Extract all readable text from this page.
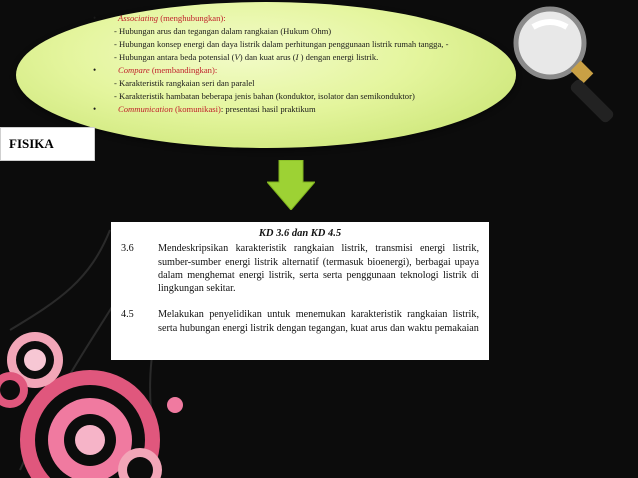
•	Associating (menghubungkan):
- Hubungan arus dan tegangan dalam rangkaian (Hukum Ohm)
- Hubungan konsep energi dan daya listrik dalam perhitungan penggunaan listrik rumah tangga, -
- Hubungan antara beda potensial (V) dan kuat arus (I ) dengan energi listrik.
•	Compare (membandingkan):
- Karakteristik rangkaian seri dan paralel
- Karakteristik hambatan beberapa jenis bahan (konduktor, isolator dan semikonduktor)
•	Communication (komunikasi): presentasi hasil praktikum
FISIKA
KD 3.6 dan KD 4.5
3.6	Mendeskripsikan karakteristik rangkaian listrik, transmisi energi listrik, sumber-sumber energi listrik alternatif (termasuk bioenergi), berbagai upaya dalam menghemat energi listrik, serta serta penggunaan teknologi listrik di lingkungan sekitar.
4.5	Melakukan penyelidikan untuk menemukan karakteristik rangkaian listrik, serta hubungan energi listrik dengan tegangan, kuat arus dan waktu pemakaian
